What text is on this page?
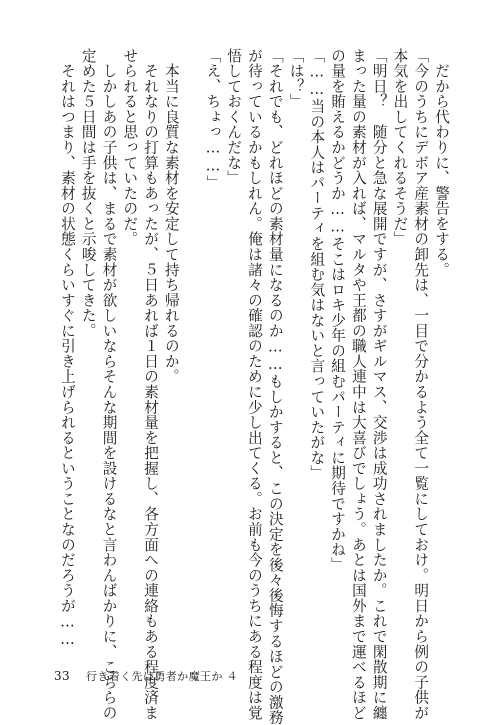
　だから代わりに、警告をする。
「今のうちにデボア産素材の卸先は、一目で分かるよう全て一覧にしておけ。明日から例の子供が
本気を出してくれるそうだ」
「明日？　随分と急な展開ですが、さすがギルマス、交渉は成功されましたか。これで閑散期に纏
まった量の素材が入れば、マルタや王都の職人連中は大喜びでしょう。あとは国外まで運べるほど
の量を賄えるかどうか……そこはロキ少年の組むパーティに期待ですかね」
「……当の本人はパーティを組む気はないと言っていたがな」
「は？」
「それでも、どれほどの素材量になるのか……もしかすると、この決定を後々後悔するほどの激務
が待っているかもしれん。俺は諸々の確認のために少し出てくる。お前も今のうちにある程度は覚
悟しておくんだな」
「え、ちょっ……」
　本当に良質な素材を安定して持ち帰れるのか。
　それなりの打算もあったが、５日あれば１日の素材量を把握し、各方面への連絡もある程度済ま
せられると思っていたのだ。
　しかしあの子供は、まるで素材が欲しいならそんな期間を設けるなと言わんばかりに、こちらの
定めた５日間は手を抜くと示唆してきた。
　それはつまり、素材の状態くらいすぐに引き上げられるということなのだろうが……
33 行き着く先は勇者か魔王か ４
